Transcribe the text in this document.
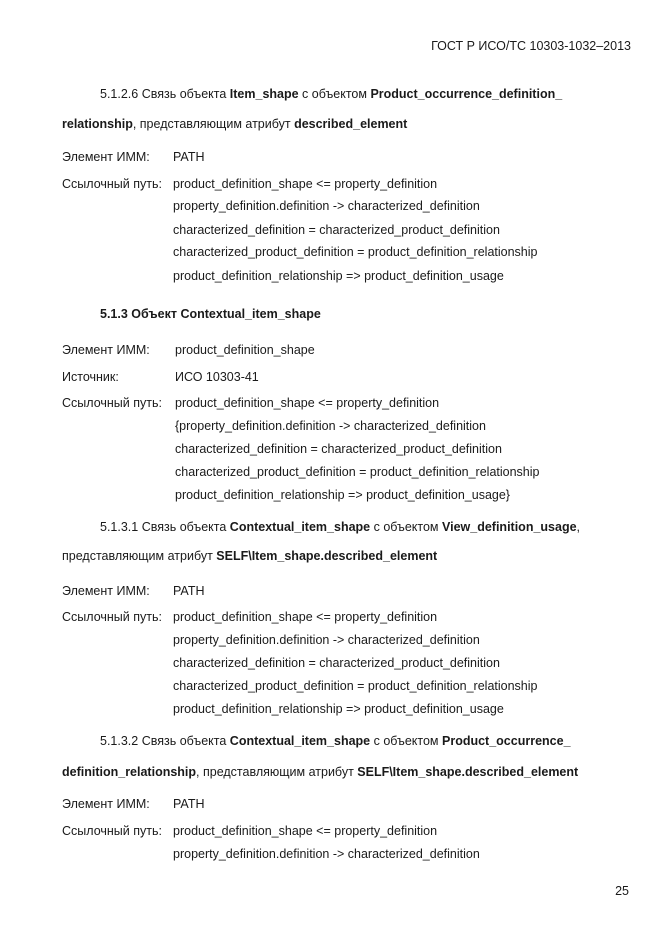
ГОСТ Р ИСО/ТС 10303-1032–2013
5.1.2.6 Связь объекта Item_shape с объектом Product_occurrence_definition_
relationship, представляющим атрибут described_element
Элемент ИММ: PATH
Ссылочный путь: product_definition_shape <= property_definition
property_definition.definition -> characterized_definition
characterized_definition = characterized_product_definition
characterized_product_definition = product_definition_relationship
product_definition_relationship => product_definition_usage
5.1.3 Объект Contextual_item_shape
Элемент ИММ: product_definition_shape
Источник:	ИСО 10303-41
Ссылочный путь: product_definition_shape <= property_definition
{property_definition.definition -> characterized_definition
characterized_definition = characterized_product_definition
characterized_product_definition = product_definition_relationship
product_definition_relationship => product_definition_usage}
5.1.3.1 Связь объекта Contextual_item_shape с объектом View_definition_usage,
представляющим атрибут SELF\Item_shape.described_element
Элемент ИММ: PATH
Ссылочный путь: product_definition_shape <= property_definition
property_definition.definition -> characterized_definition
characterized_definition = characterized_product_definition
characterized_product_definition = product_definition_relationship
product_definition_relationship => product_definition_usage
5.1.3.2 Связь объекта Contextual_item_shape с объектом Product_occurrence_
definition_relationship, представляющим атрибут SELF\Item_shape.described_element
Элемент ИММ: PATH
Ссылочный путь: product_definition_shape <= property_definition
property_definition.definition -> characterized_definition
25
